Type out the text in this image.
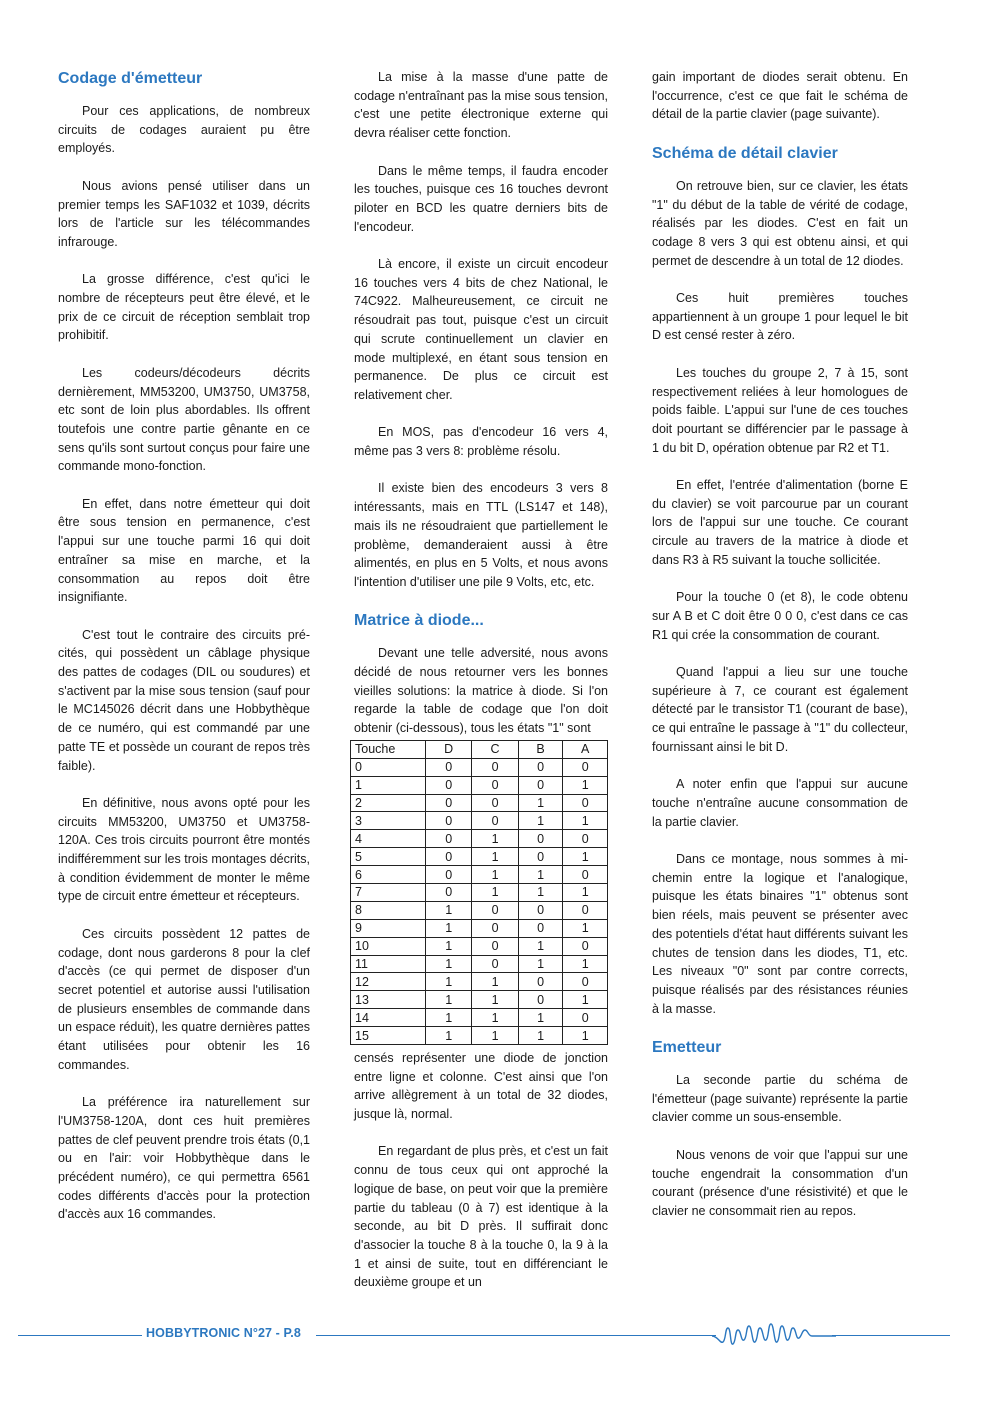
Codage d'émetteur

Pour ces applications, de nombreux circuits de codages auraient pu être employés.

Nous avions pensé utiliser dans un premier temps les SAF1032 et 1039, décrits lors de l'article sur les télécommandes infrarouge.

La grosse différence, c'est qu'ici le nombre de récepteurs peut être élevé, et le prix de ce circuit de réception semblait trop prohibitif.

Les codeurs/décodeurs décrits dernièrement, MM53200, UM3750, UM3758, etc sont de loin plus abordables. Ils offrent toutefois une contre partie gênante en ce sens qu'ils sont surtout conçus pour faire une commande mono-fonction.

En effet, dans notre émetteur qui doit être sous tension en permanence, c'est l'appui sur une touche parmi 16 qui doit entraîner sa mise en marche, et la consommation au repos doit être insignifiante.

C'est tout le contraire des circuits pré-cités, qui possèdent un câblage physique des pattes de codages (DIL ou soudures) et s'activent par la mise sous tension (sauf pour le MC145026 décrit dans une Hobbythèque de ce numéro, qui est commandé par une patte TE et possède un courant de repos très faible).

En définitive, nous avons opté pour les circuits MM53200, UM3750 et UM3758-120A. Ces trois circuits pourront être montés indifféremment sur les trois montages décrits, à condition évidemment de monter le même type de circuit entre émetteur et récepteurs.

Ces circuits possèdent 12 pattes de codage, dont nous garderons 8 pour la clef d'accès (ce qui permet de disposer d'un secret potentiel et autorise aussi l'utilisation de plusieurs ensembles de commande dans un espace réduit), les quatre dernières pattes étant utilisées pour obtenir les 16 commandes.

La préférence ira naturellement sur l'UM3758-120A, dont ces huit premières pattes de clef peuvent prendre trois états (0,1 ou en l'air: voir Hobbythèque dans le précédent numéro), ce qui permettra 6561 codes différents d'accès pour la protection d'accès aux 16 commandes.

La mise à la masse d'une patte de codage n'entraînant pas la mise sous tension, c'est une petite électronique externe qui devra réaliser cette fonction.

Dans le même temps, il faudra encoder les touches, puisque ces 16 touches devront piloter en BCD les quatre derniers bits de l'encodeur.

Là encore, il existe un circuit encodeur 16 touches vers 4 bits de chez National, le 74C922. Malheureusement, ce circuit ne résoudrait pas tout, puisque c'est un circuit qui scrute continuellement un clavier en mode multiplexé, en étant sous tension en permanence. De plus ce circuit est relativement cher.

En MOS, pas d'encodeur 16 vers 4, même pas 3 vers 8: problème résolu.

Il existe bien des encodeurs 3 vers 8 intéressants, mais en TTL (LS147 et 148), mais ils ne résoudraient que partiellement le problème, demanderaient aussi à être alimentés, en plus en 5 Volts, et nous avons l'intention d'utiliser une pile 9 Volts, etc, etc.

Matrice à diode...

Devant une telle adversité, nous avons décidé de nous retourner vers les bonnes vieilles solutions: la matrice à diode. Si l'on regarde la table de codage que l'on doit obtenir (ci-dessous), tous les états "1" sont

Touche	D	C	B	A
0	0	0	0	0
1	0	0	0	1
2	0	0	1	0
3	0	0	1	1
4	0	1	0	0
5	0	1	0	1
6	0	1	1	0
7	0	1	1	1
8	1	0	0	0
9	1	0	0	1
10	1	0	1	0
11	1	0	1	1
12	1	1	0	0
13	1	1	0	1
14	1	1	1	0
15	1	1	1	1

censés représenter une diode de jonction entre ligne et colonne. C'est ainsi que l'on arrive allègrement à un total de 32 diodes, jusque là, normal.

En regardant de plus près, et c'est un fait connu de tous ceux qui ont approché la logique de base, on peut voir que la première partie du tableau (0 à 7) est identique à la seconde, au bit D près. Il suffirait donc d'associer la touche 8 à la touche 0, la 9 à la 1 et ainsi de suite, tout en différenciant le deuxième groupe et un

gain important de diodes serait obtenu. En l'occurrence, c'est ce que fait le schéma de détail de la partie clavier (page suivante).

Schéma de détail clavier

On retrouve bien, sur ce clavier, les états "1" du début de la table de vérité de codage, réalisés par les diodes. C'est en fait un codage 8 vers 3 qui est obtenu ainsi, et qui permet de descendre à un total de 12 diodes.

Ces huit premières touches appartiennent à un groupe 1 pour lequel le bit D est censé rester à zéro.

Les touches du groupe 2, 7 à 15, sont respectivement reliées à leur homologues de poids faible. L'appui sur l'une de ces touches doit pourtant se différencier par le passage à 1 du bit D, opération obtenue par R2 et T1.

En effet, l'entrée d'alimentation (borne E du clavier) se voit parcourue par un courant lors de l'appui sur une touche. Ce courant circule au travers de la matrice à diode et dans R3 à R5 suivant la touche sollicitée.

Pour la touche 0 (et 8), le code obtenu sur A B et C doit être 0 0 0, c'est dans ce cas R1 qui crée la consommation de courant.

Quand l'appui a lieu sur une touche supérieure à 7, ce courant est également détecté par le transistor T1 (courant de base), ce qui entraîne le passage à "1" du collecteur, fournissant ainsi le bit D.

A noter enfin que l'appui sur aucune touche n'entraîne aucune consommation de la partie clavier.

Dans ce montage, nous sommes à mi-chemin entre la logique et l'analogique, puisque les états binaires "1" obtenus sont bien réels, mais peuvent se présenter avec des potentiels d'état haut différents suivant les chutes de tension dans les diodes, T1, etc. Les niveaux "0" sont par contre corrects, puisque réalisés par des résistances réunies à la masse.

Emetteur

La seconde partie du schéma de l'émetteur (page suivante) représente la partie clavier comme un sous-ensemble.

Nous venons de voir que l'appui sur une touche engendrait la consommation d'un courant (présence d'une résistivité) et que le clavier ne consommait rien au repos.

HOBBYTRONIC N°27 - P.8
